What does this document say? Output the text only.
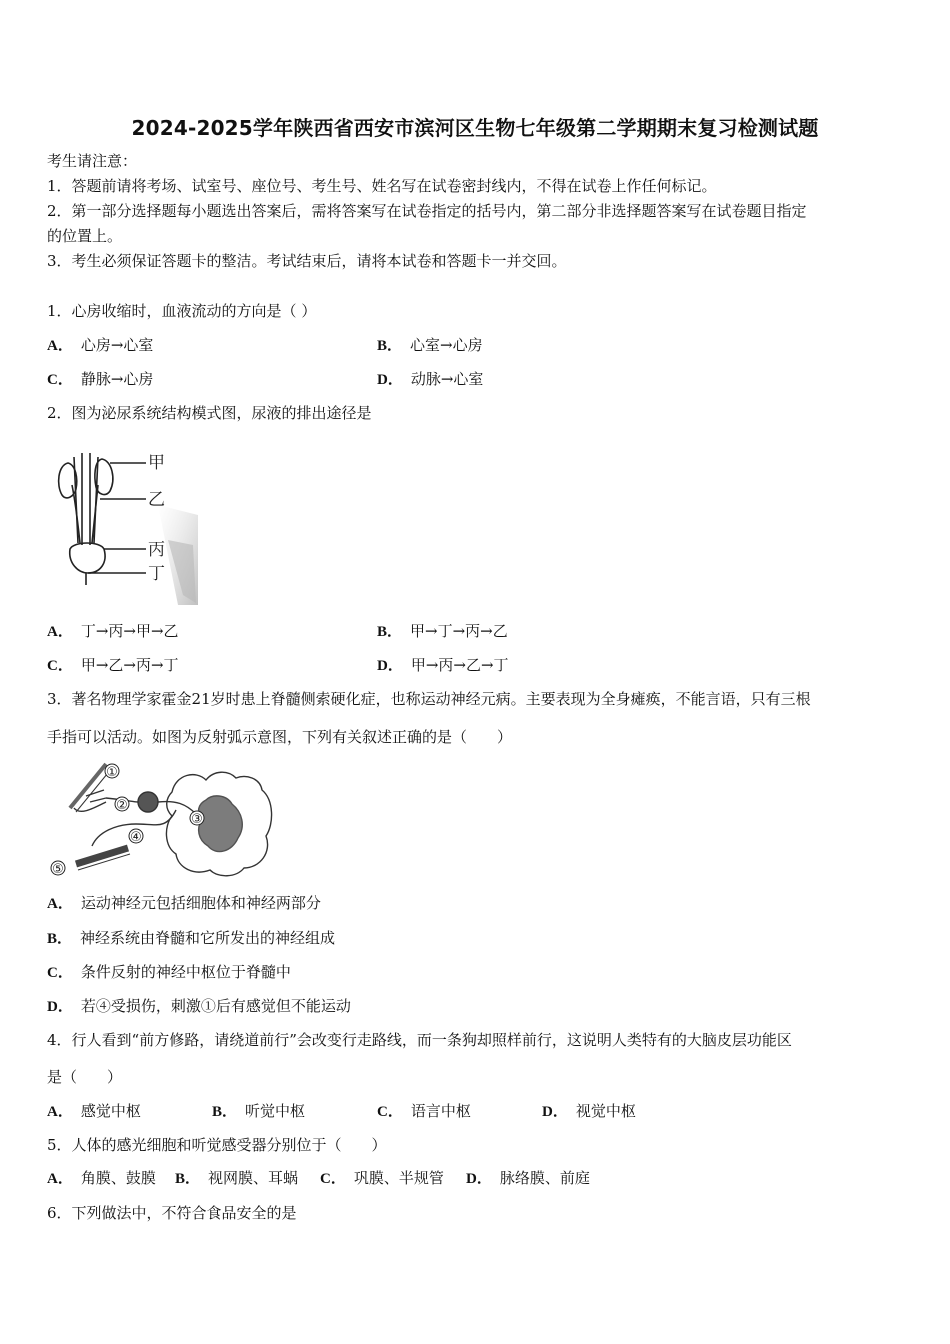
2024-2025学年陕西省西安市滨河区生物七年级第二学期期末复习检测试题
考生请注意：
1．答题前请将考场、试室号、座位号、考生号、姓名写在试卷密封线内，不得在试卷上作任何标记。
2．第一部分选择题每小题选出答案后，需将答案写在试卷指定的括号内，第二部分非选择题答案写在试卷题目指定
的位置上。
3．考生必须保证答题卡的整洁。考试结束后，请将本试卷和答题卡一并交回。
1．心房收缩时，血液流动的方向是（ ）
A． 心房→心室	B． 心室→心房
C． 静脉→心房	D． 动脉→心室
2．图为泌尿系统结构模式图，尿液的排出途径是
甲
乙
丙
丁
A． 丁→丙→甲→乙	B． 甲→丁→丙→乙
C． 甲→乙→丙→丁	D． 甲→丙→乙→丁
3．著名物理学家霍金21岁时患上脊髓侧索硬化症，也称运动神经元病。主要表现为全身瘫痪，不能言语，只有三根
手指可以活动。如图为反射弧示意图，下列有关叙述正确的是（　　）
①
②
③
④
⑤
A． 运动神经元包括细胞体和神经两部分
B． 神经系统由脊髓和它所发出的神经组成
C． 条件反射的神经中枢位于脊髓中
D． 若④受损伤，刺激①后有感觉但不能运动
4．行人看到“前方修路，请绕道前行”会改变行走路线，而一条狗却照样前行，这说明人类特有的大脑皮层功能区
是（　　）
A． 感觉中枢	B． 听觉中枢	C． 语言中枢	D． 视觉中枢
5．人体的感光细胞和听觉感受器分别位于（　　）
A． 角膜、鼓膜 B． 视网膜、耳蜗 C． 巩膜、半规管 D． 脉络膜、前庭
6．下列做法中，不符合食品安全的是
